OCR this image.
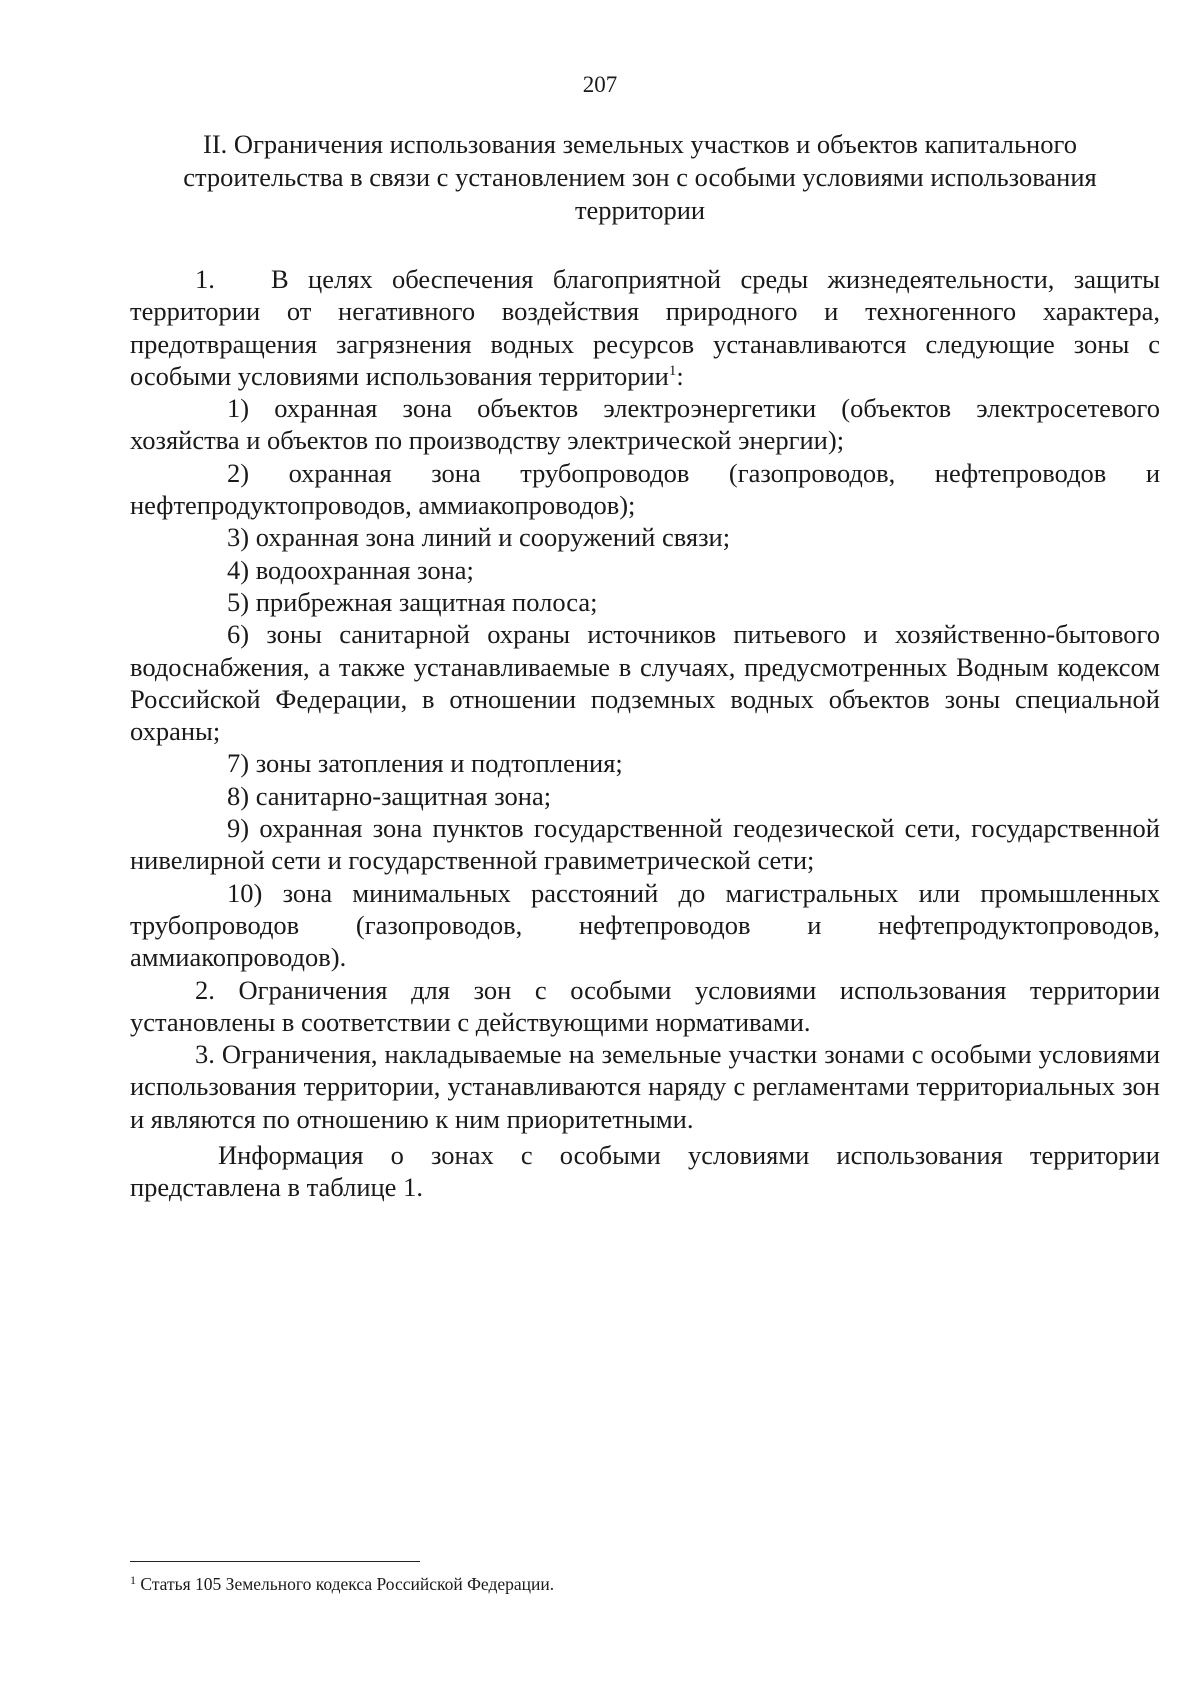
207
II. Ограничения использования земельных участков и объектов капитального строительства в связи с установлением зон с особыми условиями использования территории

1. В целях обеспечения благоприятной среды жизнедеятельности, защиты территории от негативного воздействия природного и техногенного характера, предотвращения загрязнения водных ресурсов устанавливаются следующие зоны с особыми условиями использования территории$^1$:

1) охранная зона объектов электроэнергетики (объектов электросетевого хозяйства и объектов по производству электрической энергии);

2) охранная зона трубопроводов (газопроводов, нефтепроводов и нефтепродуктопроводов, аммиакопроводов);

3) охранная зона линий и сооружений связи;

4) водоохранная зона;

5) прибрежная защитная полоса;

6) зоны санитарной охраны источников питьевого и хозяйственно-бытового водоснабжения, а также устанавливаемые в случаях, предусмотренных Водным кодексом Российской Федерации, в отношении подземных водных объектов зоны специальной охраны;

7) зоны затопления и подтопления;

8) санитарно-защитная зона;

9) охранная зона пунктов государственной геодезической сети, государственной нивелирной сети и государственной гравиметрической сети;

10) зона минимальных расстояний до магистральных или промышленных трубопроводов (газопроводов, нефтепроводов и нефтепродуктопроводов, аммиакопроводов).

2. Ограничения для зон с особыми условиями использования территории установлены в соответствии с действующими нормативами.

3. Ограничения, накладываемые на земельные участки зонами с особыми условиями использования территории, устанавливаются наряду с регламентами территориальных зон и являются по отношению к ним приоритетными.

Информация о зонах с особыми условиями использования территории представлена в таблице 1.

$^1$ Статья 105 Земельного кодекса Российской Федерации.
